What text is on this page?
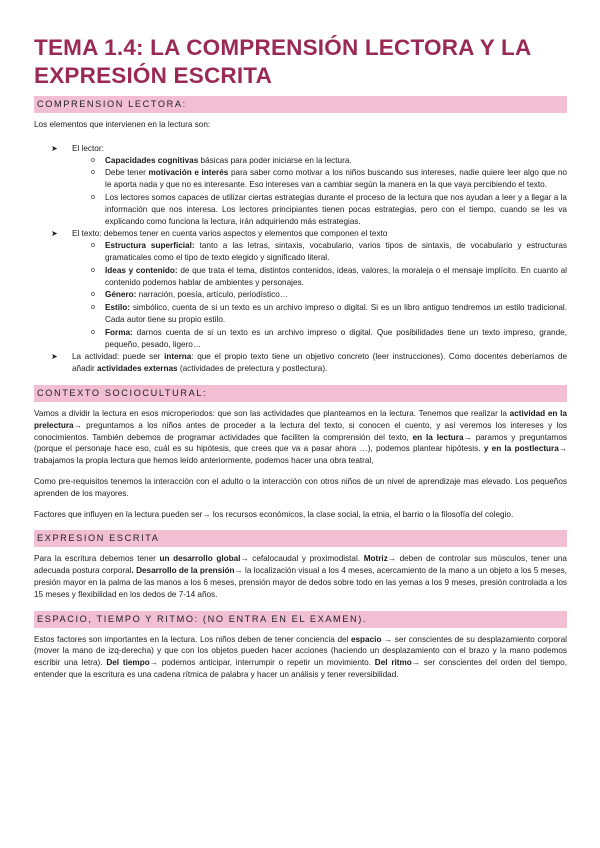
TEMA 1.4: LA COMPRENSIÓN LECTORA Y LA EXPRESIÓN ESCRITA
COMPRENSION LECTORA:

Los elementos que intervienen en la lectura son:

➤ El lector:
o Capacidades cognitivas básicas para poder iniciarse en la lectura.
o Debe tener motivación e interés para saber como motivar a los niños buscando sus intereses, nadie quiere leer algo que no le aporta nada y que no es interesante. Eso intereses van a cambiar según la manera en la que vaya percibiendo el texto.
o Los lectores somos capaces de utilizar ciertas estrategias durante el proceso de la lectura que nos ayudan a leer y a llegar a la información que nos interesa. Los lectores principiantes tienen pocas estrategias, pero con el tiempo, cuando se les va explicando como funciona la lectura, irán adquiriendo más estrategias.
➤ El texto: debemos tener en cuenta varios aspectos y elementos que componen el texto
o Estructura superficial: tanto a las letras, sintaxis, vocabulario, varios tipos de sintaxis, de vocabulario y estructuras gramaticales como el tipo de texto elegido y significado literal.
o Ideas y contenido: de que trata el tema, distintos contenidos, ideas, valores, la moraleja o el mensaje implícito. En cuanto al contenido podemos hablar de ambientes y personajes.
o Género: narración, poesía, artículo, periodístico…
o Estilo: simbólico, cuenta de si un texto es un archivo impreso o digital. Si es un libro antiguo tendremos un estilo tradicional. Cada autor tiene su propio estilo.
o Forma: darnos cuenta de si un texto es un archivo impreso o digital. Que posibilidades tiene un texto impreso, grande, pequeño, pesado, ligero…
➤ La actividad: puede ser interna: que el propio texto tiene un objetivo concreto (leer instrucciones). Como docentes deberíamos de añadir actividades externas (actividades de prelectura y postlectura).
CONTEXTO SOCIOCULTURAL:

Vamos a dividir la lectura en esos microperiodos: que son las actividades que planteamos en la lectura. Tenemos que realizar la actividad en la prelectura→ preguntamos a los niños antes de proceder a la lectura del texto, si conocen el cuento, y así veremos los intereses y los conocimientos. También debemos de programar actividades que faciliten la comprensión del texto, en la lectura→ paramos y preguntamos (porque el personaje hace eso, cuál es su hipótesis, que crees que va a pasar ahora …), podemos plantear hipótesis. y en la postlectura→ trabajamos la propia lectura que hemos leído anteriormente, podemos hacer una obra teatral,

Como pre-requisitos tenemos la interacción con el adulto o la interacción con otros niños de un nivel de aprendizaje mas elevado. Los pequeños aprenden de los mayores.

Factores que influyen en la lectura pueden ser→ los recursos económicos, la clase social, la etnia, el barrio o la filosofía del colegio.

EXPRESION ESCRITA

Para la escritura debemos tener un desarrollo global→ cefalocaudal y proximodistal. Motriz→ deben de controlar sus músculos, tener una adecuada postura corporal. Desarrollo de la prensión→ la localización visual a los 4 meses, acercamiento de la mano a un objeto a los 5 meses, presión mayor en la palma de las manos a los 6 meses, prensión mayor de dedos sobre todo en las yemas a los 9 meses, presión controlada a los 15 meses y flexibilidad en los dedos de 7-14 años.

ESPACIO, TIEMPO Y RITMO: (NO ENTRA EN EL EXAMEN).

Estos factores son importantes en la lectura. Los niños deben de tener conciencia del espacio → ser conscientes de su desplazamiento corporal (mover la mano de izq-derecha) y que con los objetos pueden hacer acciones (haciendo un desplazamiento con el brazo y la mano podemos escribir una letra). Del tiempo→ podemos anticipar, interrumpir o repetir un movimiento. Del ritmo→ ser conscientes del orden del tiempo, entender que la escritura es una cadena rítmica de palabra y hacer un análisis y tener reversibilidad.
